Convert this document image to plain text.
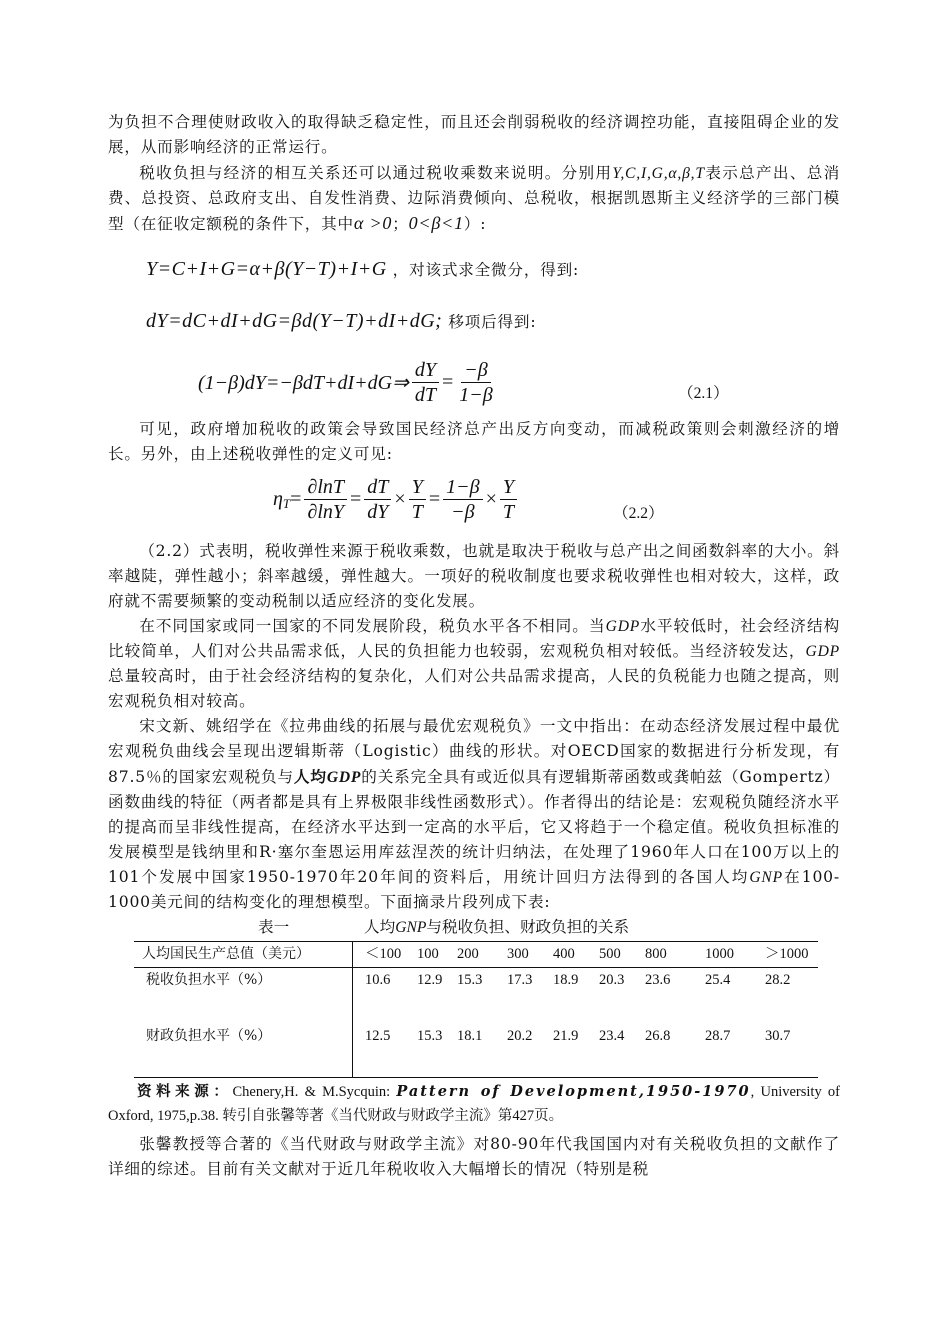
为负担不合理使财政收入的取得缺乏稳定性，而且还会削弱税收的经济调控功能，直接阻碍企业的发展，从而影响经济的正常运行。

税收负担与经济的相互关系还可以通过税收乘数来说明。分别用Y,C,I,G,α,β,T表示总产出、总消费、总投资、总政府支出、自发性消费、边际消费倾向、总税收，根据凯恩斯主义经济学的三部门模型（在征收定额税的条件下，其中α >0；0<β<1）:

Y=C+I+G=α+β(Y−T)+I+G ，对该式求全微分，得到:
dY=dC+dI+dG=βd(Y−T)+dI+dG; 移项后得到:
(1−β)dY=−βdT+dI+dG⇒ $\frac{dY}{dT} = \frac{-\beta}{1-\beta}$	（2.1）

可见，政府增加税收的政策会导致国民经济总产出反方向变动，而减税政策则会刺激经济的增长。另外，由上述税收弹性的定义可见:

$\eta_T = \frac{\partial\ln T}{\partial\ln Y} = \frac{dT}{dY} \times \frac{Y}{T} = \frac{1-\beta}{-\beta} \times \frac{Y}{T}$	（2.2）

（2.2）式表明，税收弹性来源于税收乘数，也就是取决于税收与总产出之间函数斜率的大小。斜率越陡，弹性越小；斜率越缓，弹性越大。一项好的税收制度也要求税收弹性也相对较大，这样，政府就不需要频繁的变动税制以适应经济的变化发展。

在不同国家或同一国家的不同发展阶段，税负水平各不相同。当GDP水平较低时，社会经济结构比较简单，人们对公共品需求低，人民的负担能力也较弱，宏观税负相对较低。当经济较发达，GDP总量较高时，由于社会经济结构的复杂化，人们对公共品需求提高，人民的负税能力也随之提高，则宏观税负相对较高。

宋文新、姚绍学在《拉弗曲线的拓展与最优宏观税负》一文中指出：在动态经济发展过程中最优宏观税负曲线会呈现出逻辑斯蒂（Logistic）曲线的形状。对OECD国家的数据进行分析发现，有87.5％的国家宏观税负与人均GDP的关系完全具有或近似具有逻辑斯蒂函数或龚帕兹（Gompertz）函数曲线的特征（两者都是具有上界极限非线性函数形式）。作者得出的结论是：宏观税负随经济水平的提高而呈非线性提高，在经济水平达到一定高的水平后，它又将趋于一个稳定值。税收负担标准的发展模型是钱纳里和R·塞尔奎恩运用库兹涅茨的统计归纳法，在处理了1960年人口在100万以上的101个发展中国家1950-1970年20年间的资料后，用统计回归方法得到的各国人均GNP在100-1000美元间的结构变化的理想模型。下面摘录片段列成下表:

表一	人均GNP与税收负担、财政负担的关系
人均国民生产总值（美元）	＜100	100	200	300	400	500	800	1000	＞1000
税收负担水平（%）	10.6	12.9	15.3	17.3	18.9	20.3	23.6	25.4	28.2
财政负担水平（%）	12.5	15.3	18.1	20.2	21.9	23.4	26.8	28.7	30.7

资料来源：Chenery,H. & M.Sycquin: Pattern of Development,1950-1970, University of Oxford, 1975,p.38. 转引自张馨等著《当代财政与财政学主流》第427页。

张馨教授等合著的《当代财政与财政学主流》对80-90年代我国国内对有关税收负担的文献作了详细的综述。目前有关文献对于近几年税收收入大幅增长的情况（特别是税
